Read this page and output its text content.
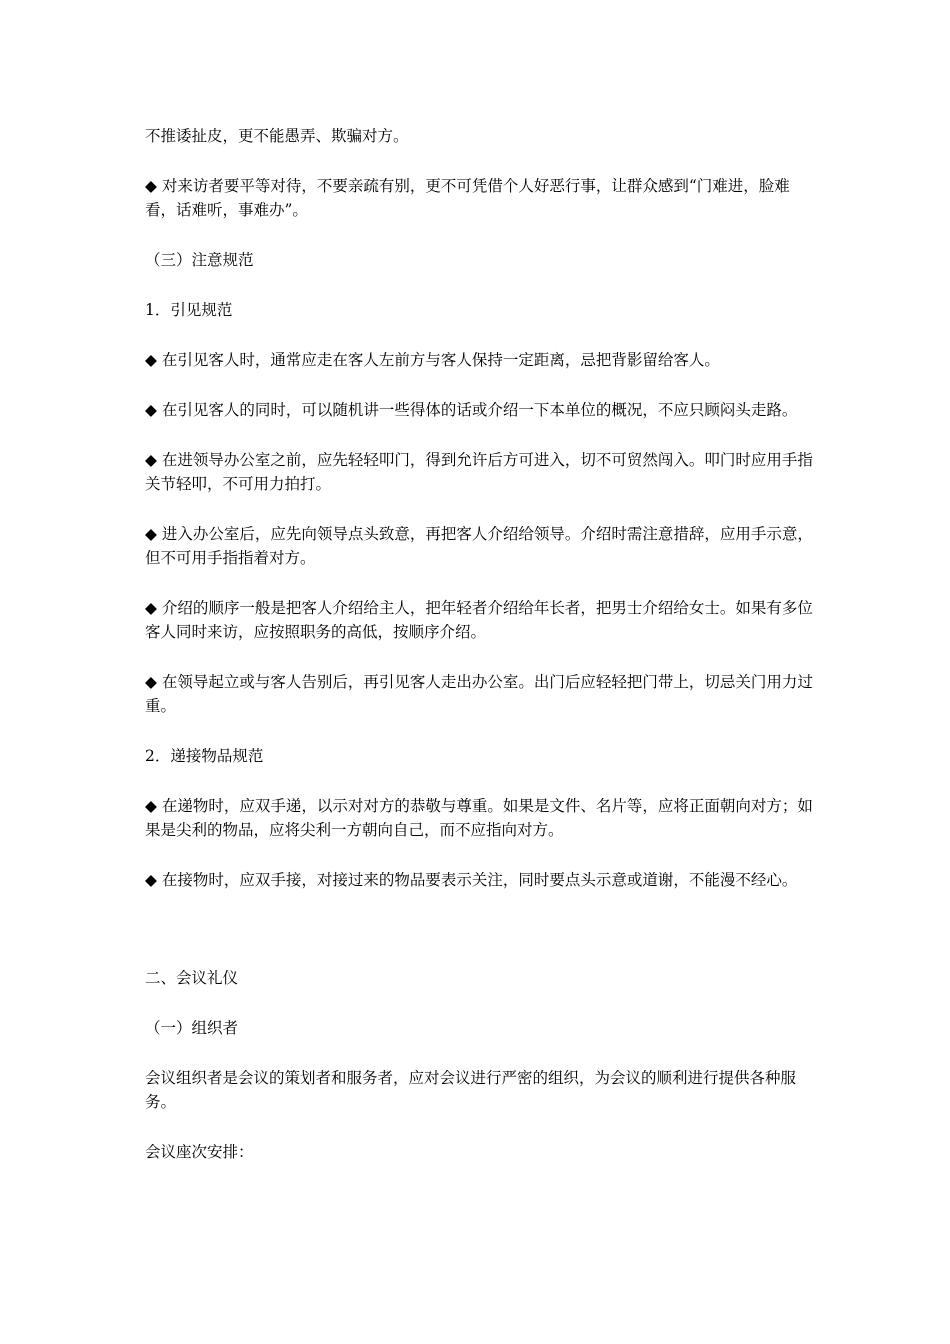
不推诿扯皮，更不能愚弄、欺骗对方。

◆ 对来访者要平等对待，不要亲疏有别，更不可凭借个人好恶行事，让群众感到“门难进，脸难看，话难听，事难办”。

（三）注意规范

1．引见规范

◆ 在引见客人时，通常应走在客人左前方与客人保持一定距离，忌把背影留给客人。

◆ 在引见客人的同时，可以随机讲一些得体的话或介绍一下本单位的概况，不应只顾闷头走路。

◆ 在进领导办公室之前，应先轻轻叩门，得到允许后方可进入，切不可贸然闯入。叩门时应用手指关节轻叩，不可用力拍打。

◆ 进入办公室后，应先向领导点头致意，再把客人介绍给领导。介绍时需注意措辞，应用手示意，但不可用手指指着对方。

◆ 介绍的顺序一般是把客人介绍给主人，把年轻者介绍给年长者，把男士介绍给女士。如果有多位客人同时来访，应按照职务的高低，按顺序介绍。

◆ 在领导起立或与客人告别后，再引见客人走出办公室。出门后应轻轻把门带上，切忌关门用力过重。

2．递接物品规范

◆ 在递物时，应双手递，以示对对方的恭敬与尊重。如果是文件、名片等，应将正面朝向对方；如果是尖利的物品，应将尖利一方朝向自己，而不应指向对方。

◆ 在接物时，应双手接，对接过来的物品要表示关注，同时要点头示意或道谢，不能漫不经心。

二、会议礼仪

（一）组织者

会议组织者是会议的策划者和服务者，应对会议进行严密的组织，为会议的顺利进行提供各种服务。

会议座次安排：
